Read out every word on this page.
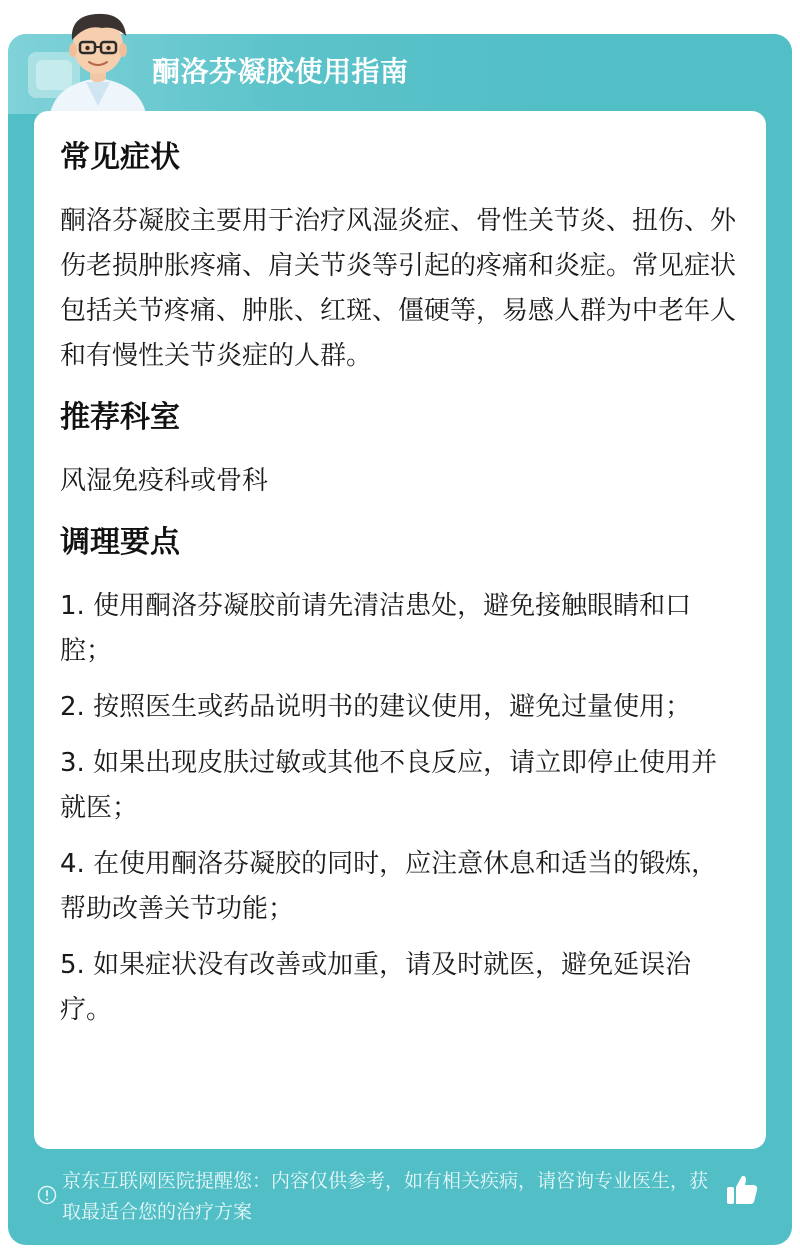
酮洛芬凝胶使用指南
常见症状
酮洛芬凝胶主要用于治疗风湿炎症、骨性关节炎、扭伤、外伤老损肿胀疼痛、肩关节炎等引起的疼痛和炎症。常见症状包括关节疼痛、肿胀、红斑、僵硬等，易感人群为中老年人和有慢性关节炎症的人群。
推荐科室
风湿免疫科或骨科
调理要点
1. 使用酮洛芬凝胶前请先清洁患处，避免接触眼睛和口腔；
2. 按照医生或药品说明书的建议使用，避免过量使用；
3. 如果出现皮肤过敏或其他不良反应，请立即停止使用并就医；
4. 在使用酮洛芬凝胶的同时，应注意休息和适当的锻炼，帮助改善关节功能；
5. 如果症状没有改善或加重，请及时就医，避免延误治疗。
京东互联网医院提醒您：内容仅供参考，如有相关疾病，请咨询专业医生，获取最适合您的治疗方案
